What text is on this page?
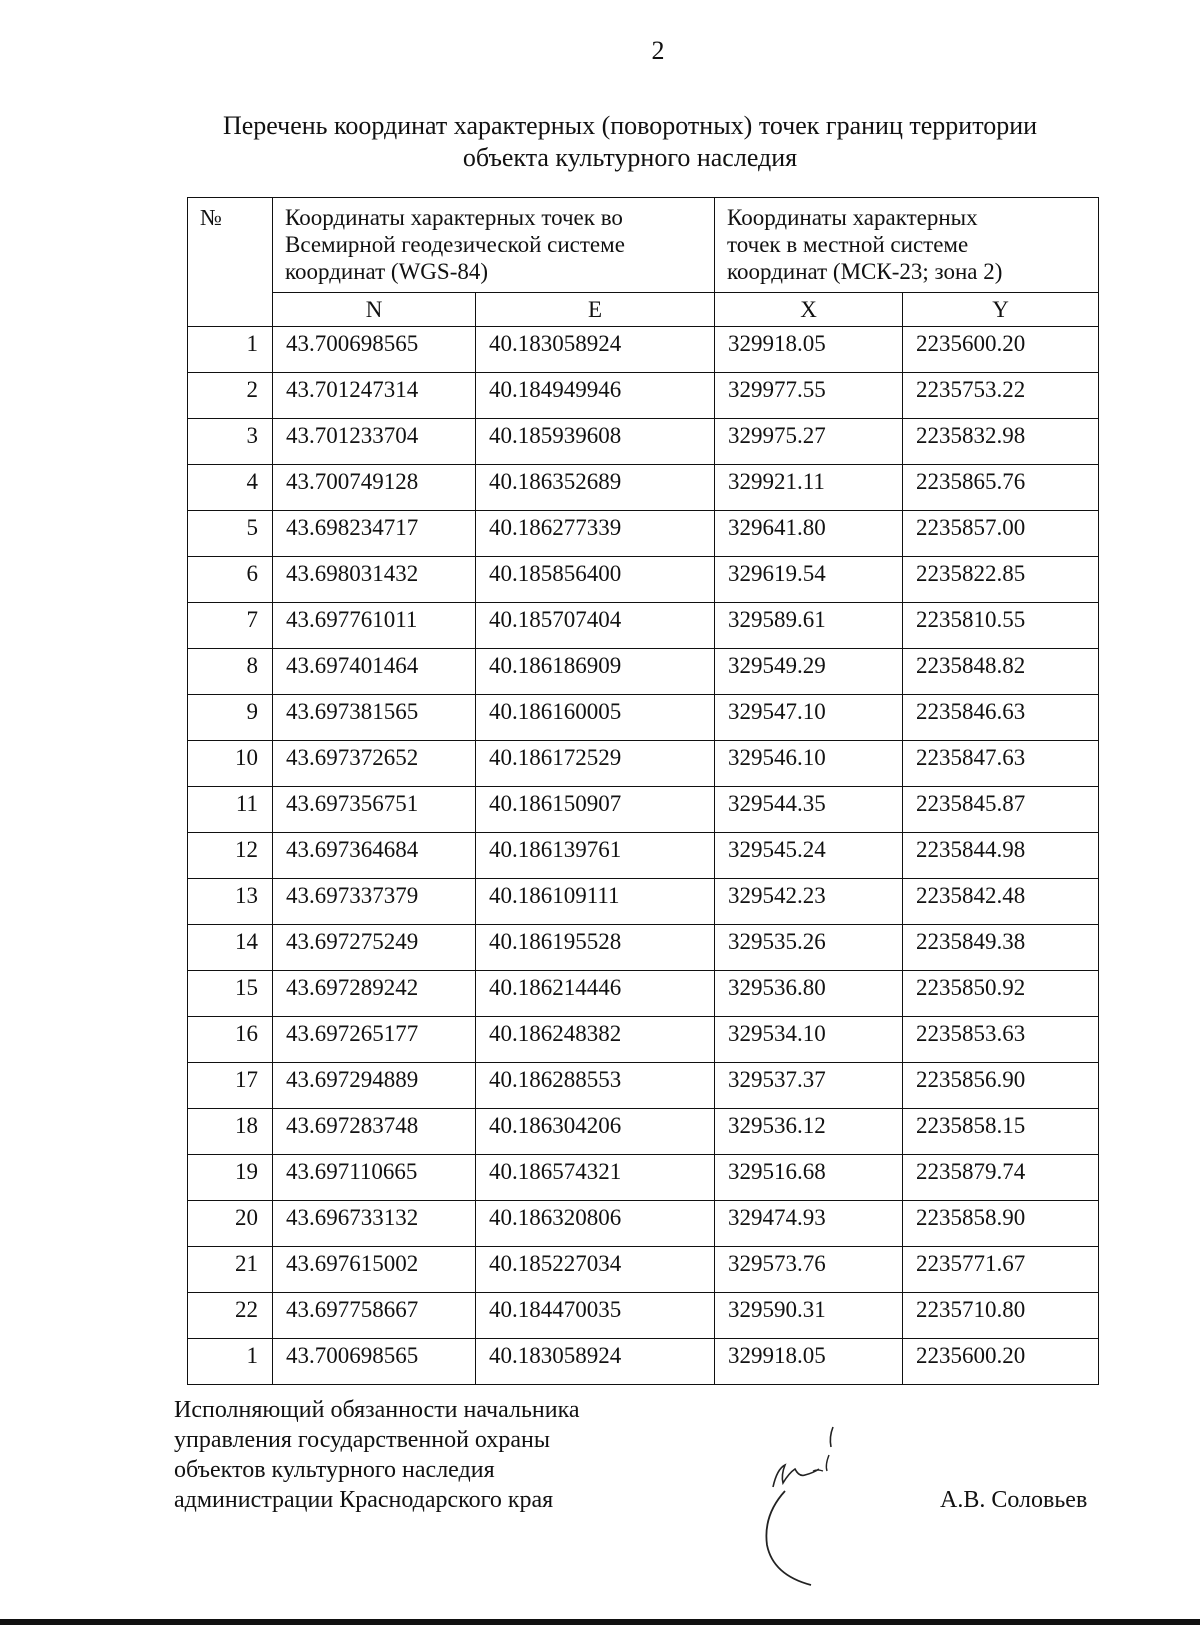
2
Перечень координат характерных (поворотных) точек границ территории
объекта культурного наследия
№	Координаты характерных точек во
Всемирной геодезической системе
координат (WGS-84)		Координаты характерных
точек в местной системе
координат (МСК-23; зона 2)	

	N	E	X	Y
1	43.700698565	40.183058924	329918.05	2235600.20
2	43.701247314	40.184949946	329977.55	2235753.22
3	43.701233704	40.185939608	329975.27	2235832.98
4	43.700749128	40.186352689	329921.11	2235865.76
5	43.698234717	40.186277339	329641.80	2235857.00
6	43.698031432	40.185856400	329619.54	2235822.85
7	43.697761011	40.185707404	329589.61	2235810.55
8	43.697401464	40.186186909	329549.29	2235848.82
9	43.697381565	40.186160005	329547.10	2235846.63
10	43.697372652	40.186172529	329546.10	2235847.63
11	43.697356751	40.186150907	329544.35	2235845.87
12	43.697364684	40.186139761	329545.24	2235844.98
13	43.697337379	40.186109111	329542.23	2235842.48
14	43.697275249	40.186195528	329535.26	2235849.38
15	43.697289242	40.186214446	329536.80	2235850.92
16	43.697265177	40.186248382	329534.10	2235853.63
17	43.697294889	40.186288553	329537.37	2235856.90
18	43.697283748	40.186304206	329536.12	2235858.15
19	43.697110665	40.186574321	329516.68	2235879.74
20	43.696733132	40.186320806	329474.93	2235858.90
21	43.697615002	40.185227034	329573.76	2235771.67
22	43.697758667	40.184470035	329590.31	2235710.80
1	43.700698565	40.183058924	329918.05	2235600.20
Исполняющий обязанности начальника
управления государственной охраны
объектов культурного наследия
администрации Краснодарского края	А.В. Соловьев
